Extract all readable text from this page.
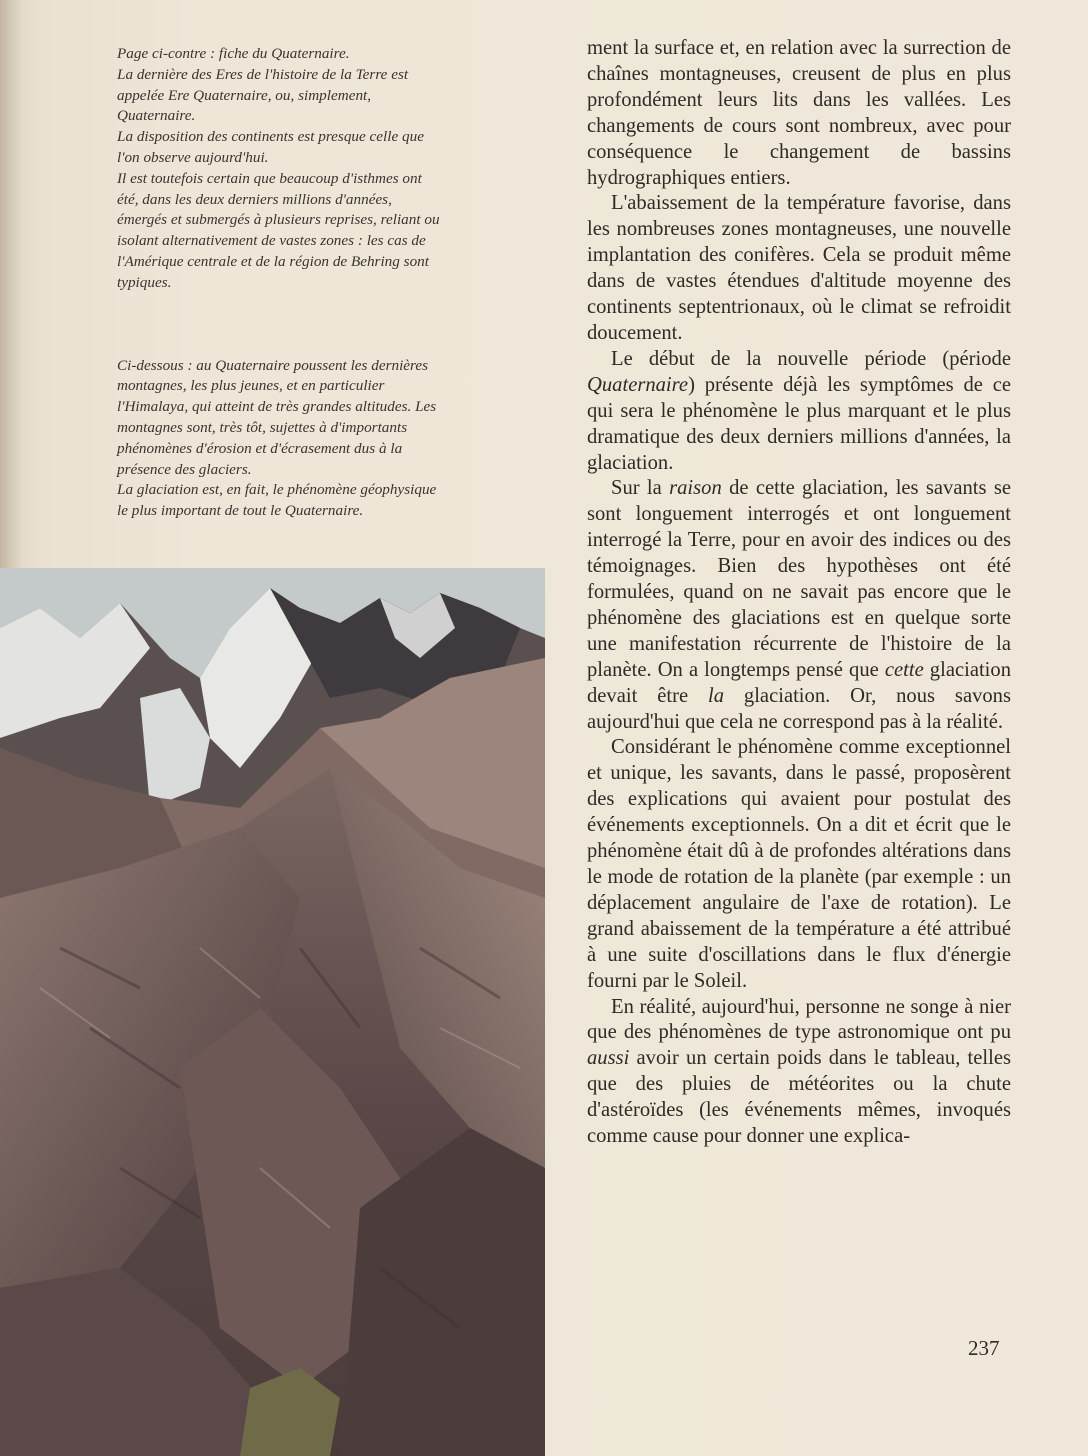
Page ci-contre : fiche du Quaternaire.

La dernière des Eres de l'histoire de la Terre est

appelée Ere Quaternaire, ou, simplement,

Quaternaire.

La disposition des continents est presque celle que

l'on observe aujourd'hui.

Il est toutefois certain que beaucoup d'isthmes ont

été, dans les deux derniers millions d'années,

émergés et submergés à plusieurs reprises, reliant ou

isolant alternativement de vastes zones : les cas de

l'Amérique centrale et de la région de Behring sont

typiques.

Ci-dessous : au Quaternaire poussent les dernières

montagnes, les plus jeunes, et en particulier

l'Himalaya, qui atteint de très grandes altitudes. Les

montagnes sont, très tôt, sujettes à d'importants

phénomènes d'érosion et d'écrasement dus à la

présence des glaciers.

La glaciation est, en fait, le phénomène géophysique

le plus important de tout le Quaternaire.

ment la surface et, en relation avec la surrection de chaînes montagneuses, creusent de plus en plus profondément leurs lits dans les vallées. Les changements de cours sont nombreux, avec pour conséquence le changement de bassins hydrographiques entiers.

L'abaissement de la température favorise, dans les nombreuses zones montagneuses, une nouvelle implantation des conifères. Cela se produit même dans de vastes étendues d'altitude moyenne des continents septentrionaux, où le climat se refroidit doucement.

Le début de la nouvelle période (période Quaternaire) présente déjà les symptômes de ce qui sera le phénomène le plus marquant et le plus dramatique des deux derniers millions d'années, la glaciation.

Sur la raison de cette glaciation, les savants se sont longuement interrogés et ont longuement interrogé la Terre, pour en avoir des indices ou des témoignages. Bien des hypothèses ont été formulées, quand on ne savait pas encore que le phénomène des glaciations est en quelque sorte une manifestation récurrente de l'histoire de la planète. On a longtemps pensé que cette glaciation devait être la glaciation. Or, nous savons aujourd'hui que cela ne correspond pas à la réalité.

Considérant le phénomène comme exceptionnel et unique, les savants, dans le passé, proposèrent des explications qui avaient pour postulat des événements exceptionnels. On a dit et écrit que le phénomène était dû à de profondes altérations dans le mode de rotation de la planète (par exemple : un déplacement angulaire de l'axe de rotation). Le grand abaissement de la température a été attribué à une suite d'oscillations dans le flux d'énergie fourni par le Soleil.

En réalité, aujourd'hui, personne ne songe à nier que des phénomènes de type astronomique ont pu aussi avoir un certain poids dans le tableau, telles que des pluies de météorites ou la chute d'astéroïdes (les événements mêmes, invoqués comme cause pour donner une explica-

237
